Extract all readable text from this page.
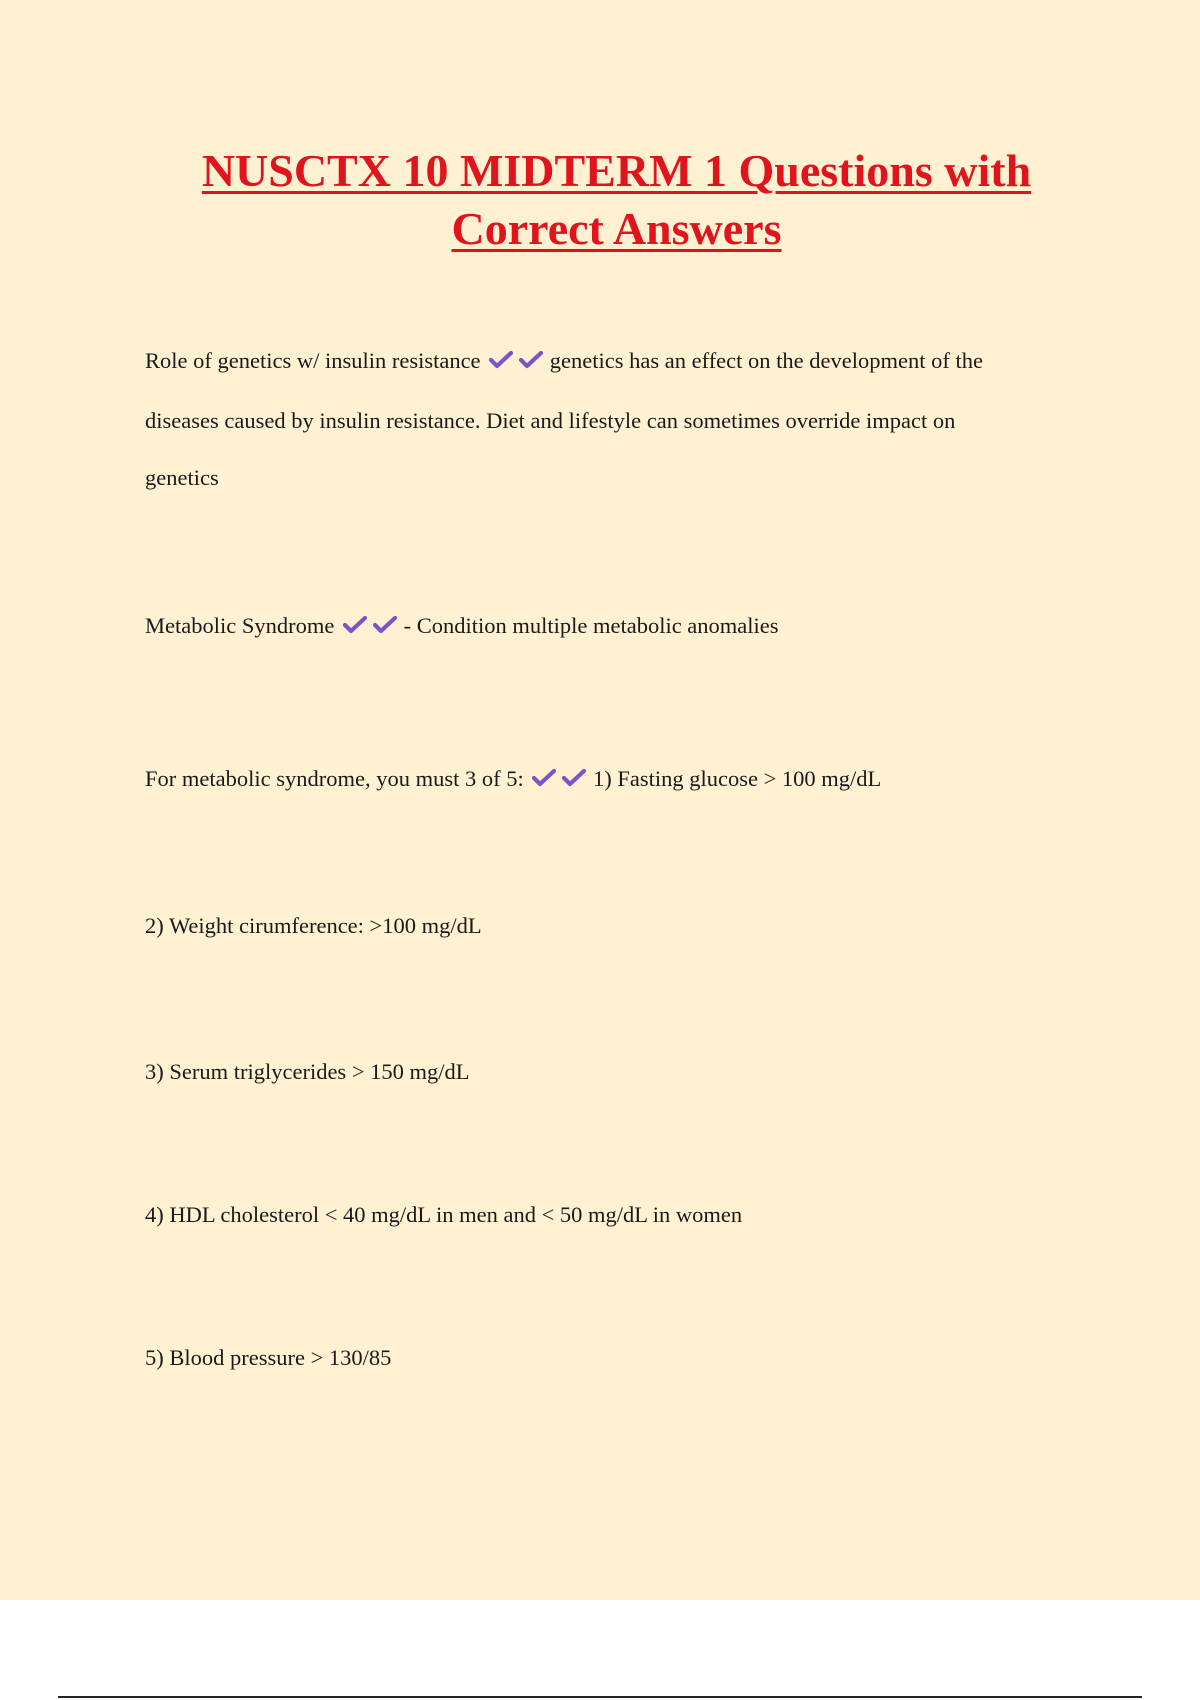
NUSCTX 10 MIDTERM 1 Questions with
Correct Answers

Role of genetics w/ insulin resistance	genetics has an effect on the development of the

diseases caused by insulin resistance. Diet and lifestyle can sometimes override impact on

genetics

Metabolic Syndrome	- Condition multiple metabolic anomalies

For metabolic syndrome, you must 3 of 5:	1) Fasting glucose > 100 mg/dL

2) Weight cirumference: >100 mg/dL

3) Serum triglycerides > 150 mg/dL

4) HDL cholesterol < 40 mg/dL in men and < 50 mg/dL in women

5) Blood pressure > 130/85
